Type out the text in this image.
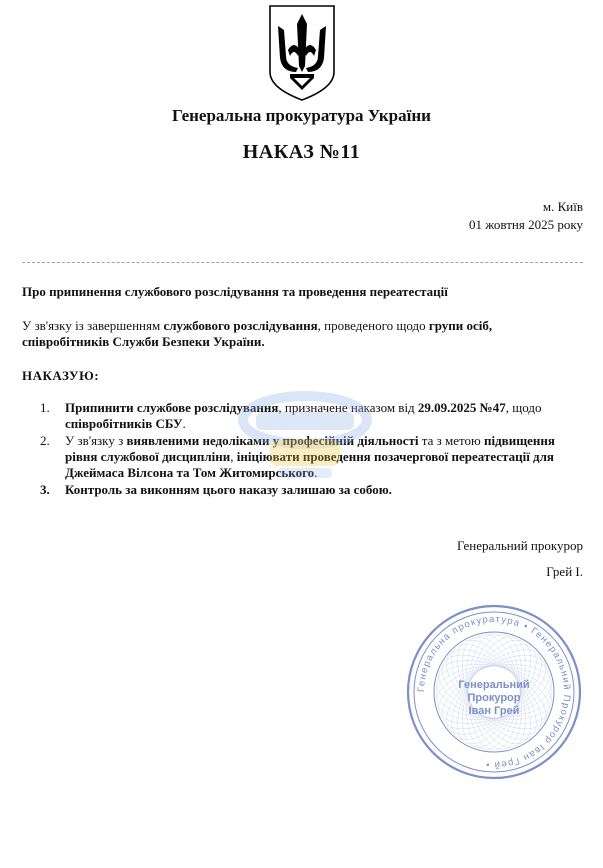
Генеральна прокуратура України
НАКАЗ №11
м. Київ
01 жовтня 2025 року
Про припинення службового розслідування та проведення переатестації
У зв'язку із завершенням службового розслідування, проведеного щодо групи осіб, співробітників Служби Безпеки України.
НАКАЗУЮ:
1. Припинити службове розслідування, призначене наказом від 29.09.2025 №47, щодо співробітників СБУ.
2. У зв'язку з виявленими недоліками у професійній діяльності та з метою підвищення рівня службової дисципліни, ініціювати проведення позачергової переатестації для Джеймаса Вілсона та Том Житомирського.
3. Контроль за виконням цього наказу залишаю за собою.
Генеральний прокурор
Грей І.
Генеральна прокуратура • Генеральний Прокурор Іван Грей •
Генеральний
Прокурор
Іван Грей
